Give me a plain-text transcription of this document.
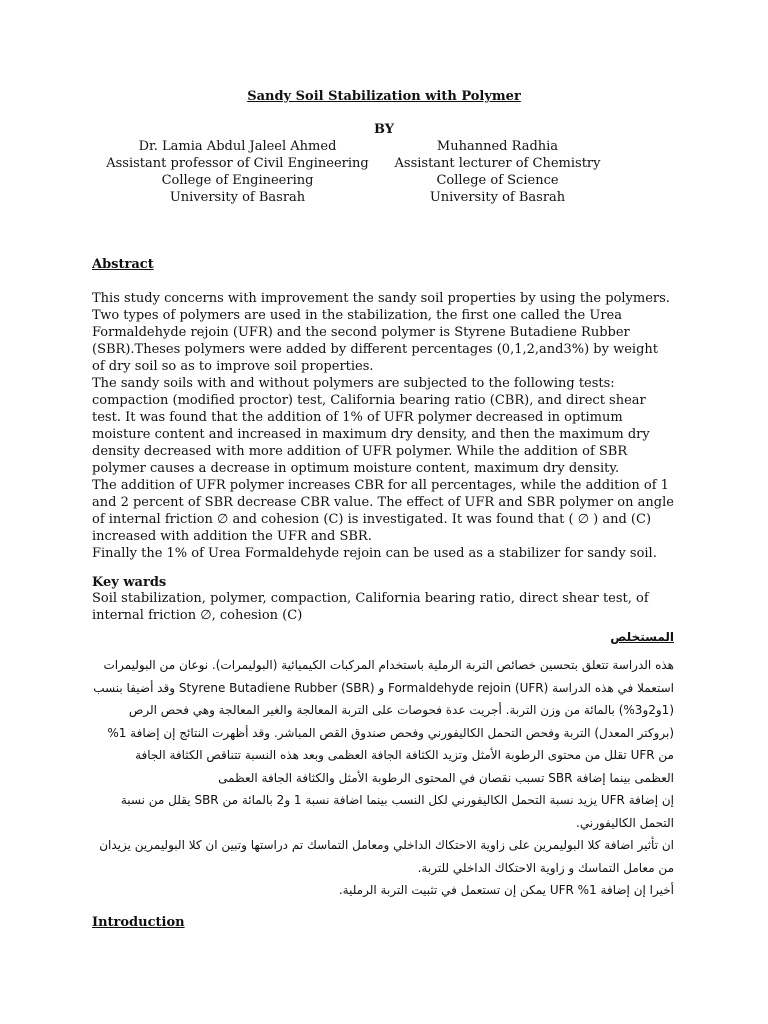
Sandy Soil Stabilization with Polymer
BY
Dr. Lamia Abdul Jaleel Ahmed
Assistant professor of Civil Engineering
College of Engineering
University of Basrah
Muhanned Radhia
Assistant lecturer of Chemistry
College of Science
University of Basrah
Abstract

This study concerns with improvement the sandy soil properties by using the polymers. Two types of polymers are used in the stabilization, the first one called the Urea Formaldehyde rejoin (UFR) and the second polymer is Styrene Butadiene Rubber (SBR).Theses polymers were added by different percentages (0,1,2,and3%) by weight of dry soil so as to improve soil properties.

The sandy soils with and without polymers are subjected to the following tests: compaction (modified proctor) test, California bearing ratio (CBR), and direct shear test. It was found that the addition of 1% of UFR polymer decreased in optimum moisture content and increased in maximum dry density, and then the maximum dry density decreased with more addition of UFR polymer. While the addition of SBR polymer causes a decrease in optimum moisture content, maximum dry density.

The addition of UFR polymer increases CBR for all percentages, while the addition of 1 and 2 percent of SBR decrease CBR value. The effect of UFR and SBR polymer on angle of internal friction ∅ and cohesion (C) is investigated. It was found that ( ∅ ) and (C) increased with addition the UFR and SBR.

Finally the 1% of Urea Formaldehyde rejoin can be used as a stabilizer for sandy soil.

Key wards
Soil stabilization, polymer, compaction, California bearing ratio, direct shear test, of internal friction ∅, cohesion (C)
المستخلص

هذه الدراسة تتعلق بتحسين خصائص التربة الرملية باستخدام المركبات الكيميائية (البوليمرات). نوعان من البوليمرات استعملا في هذه الدراسة Formaldehyde rejoin (UFR) و Styrene Butadiene Rubber (SBR) وقد أضيفا بنسب (1و2و3%) بالمائة من وزن التربة. أجريت عدة فحوصات على التربة المعالجة والغير المعالجة وهي فحص الرص (بروكتر المعدل) التربة وفحص التحمل الكاليفورني وفحص صندوق القص المباشر. وقد أظهرت النتائج إن إضافة 1% من UFR تقلل من محتوى الرطوبة الأمثل وتزيد الكثافة الجافة العظمى وبعد هذه النسبة تتناقص الكثافة الجافة العظمى بينما إضافة SBR تسبب نقصان في المحتوى الرطوبة الأمثل والكثافة الجافة العظمى

إن إضافة UFR يزيد نسبة التحمل الكاليفورني لكل النسب بينما اضافة نسبة 1 و2 بالمائة من SBR يقلل من نسبة التحمل الكاليفورني.

ان تأثير اضافة كلا البوليمرين على زاوية الاحتكاك الداخلي ومعامل التماسك تم دراستها وتبين ان كلا البوليمرين يزيدان من معامل التماسك و زاوية الاحتكاك الداخلي للتربة.

أخيرا إن إضافة 1% UFR يمكن إن تستعمل في تثبيت التربة الرملية.

Introduction
